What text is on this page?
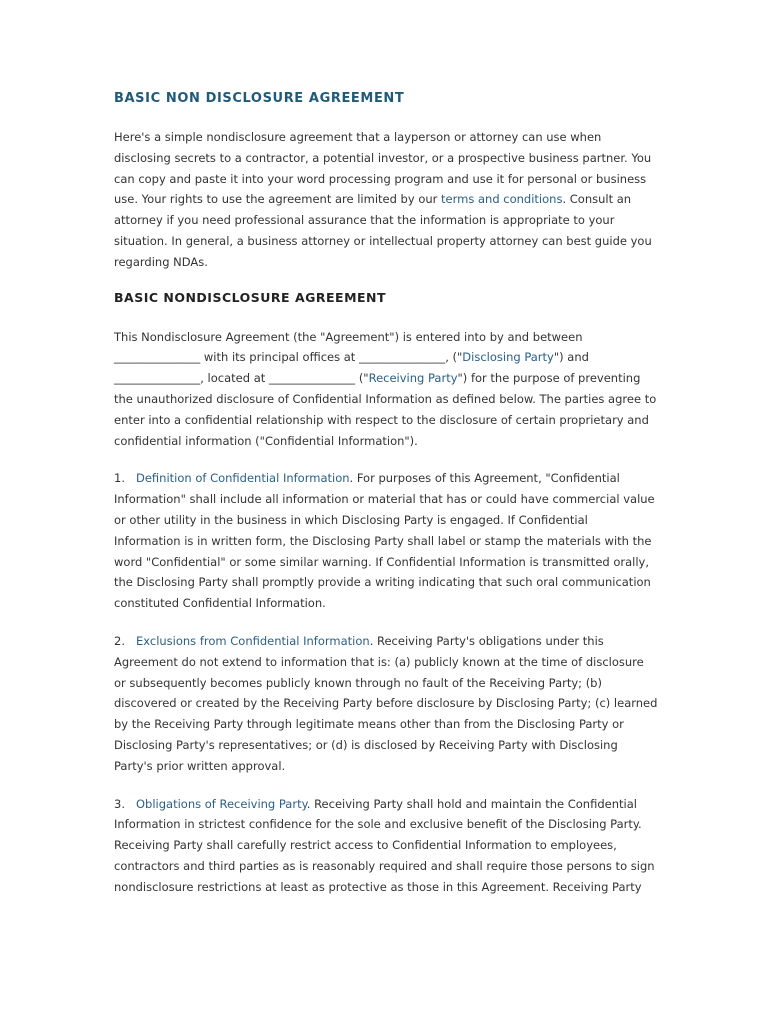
BASIC NON DISCLOSURE AGREEMENT

Here's a simple nondisclosure agreement that a layperson or attorney can use when disclosing secrets to a contractor, a potential investor, or a prospective business partner. You can copy and paste it into your word processing program and use it for personal or business use. Your rights to use the agreement are limited by our terms and conditions. Consult an attorney if you need professional assurance that the information is appropriate to your situation. In general, a business attorney or intellectual property attorney can best guide you regarding NDAs.

BASIC NONDISCLOSURE AGREEMENT

This Nondisclosure Agreement (the "Agreement") is entered into by and between _______________ with its principal offices at _______________, ("Disclosing Party") and _______________, located at _______________ ("Receiving Party") for the purpose of preventing the unauthorized disclosure of Confidential Information as defined below. The parties agree to enter into a confidential relationship with respect to the disclosure of certain proprietary and confidential information ("Confidential Information").

1. Definition of Confidential Information. For purposes of this Agreement, "Confidential Information" shall include all information or material that has or could have commercial value or other utility in the business in which Disclosing Party is engaged. If Confidential Information is in written form, the Disclosing Party shall label or stamp the materials with the word "Confidential" or some similar warning. If Confidential Information is transmitted orally, the Disclosing Party shall promptly provide a writing indicating that such oral communication constituted Confidential Information.

2. Exclusions from Confidential Information. Receiving Party's obligations under this Agreement do not extend to information that is: (a) publicly known at the time of disclosure or subsequently becomes publicly known through no fault of the Receiving Party; (b) discovered or created by the Receiving Party before disclosure by Disclosing Party; (c) learned by the Receiving Party through legitimate means other than from the Disclosing Party or Disclosing Party's representatives; or (d) is disclosed by Receiving Party with Disclosing Party's prior written approval.

3. Obligations of Receiving Party. Receiving Party shall hold and maintain the Confidential Information in strictest confidence for the sole and exclusive benefit of the Disclosing Party. Receiving Party shall carefully restrict access to Confidential Information to employees, contractors and third parties as is reasonably required and shall require those persons to sign nondisclosure restrictions at least as protective as those in this Agreement. Receiving Party
